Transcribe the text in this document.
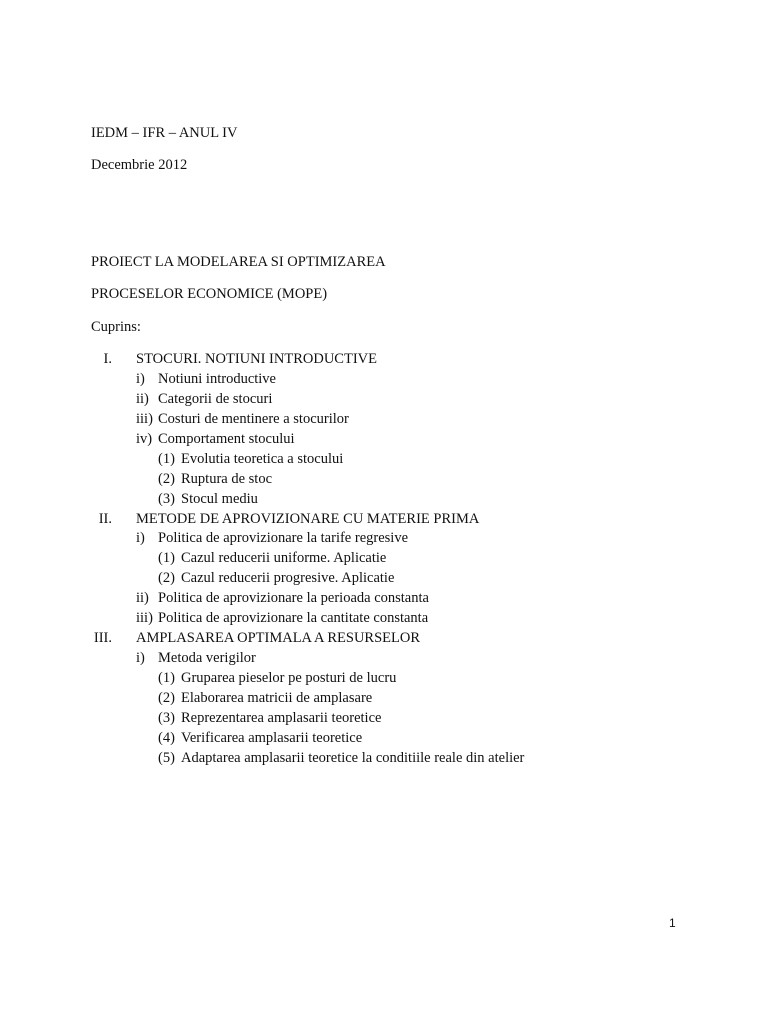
IEDM – IFR – ANUL IV
Decembrie 2012
PROIECT LA MODELAREA SI OPTIMIZAREA
PROCESELOR ECONOMICE (MOPE)
Cuprins:
I. STOCURI. NOTIUNI INTRODUCTIVE
i) Notiuni introductive
ii) Categorii de stocuri
iii) Costuri de mentinere a stocurilor
iv) Comportament stocului
(1) Evolutia teoretica a stocului
(2) Ruptura de stoc
(3) Stocul mediu
II. METODE DE APROVIZIONARE CU MATERIE PRIMA
i) Politica de aprovizionare la tarife regresive
(1) Cazul reducerii uniforme. Aplicatie
(2) Cazul reducerii progresive. Aplicatie
ii) Politica de aprovizionare la perioada constanta
iii) Politica de aprovizionare la cantitate constanta
III. AMPLASAREA OPTIMALA A RESURSELOR
i) Metoda verigilor
(1) Gruparea pieselor pe posturi de lucru
(2) Elaborarea matricii de amplasare
(3) Reprezentarea amplasarii teoretice
(4) Verificarea amplasarii teoretice
(5) Adaptarea amplasarii teoretice la conditiile reale din atelier
1
